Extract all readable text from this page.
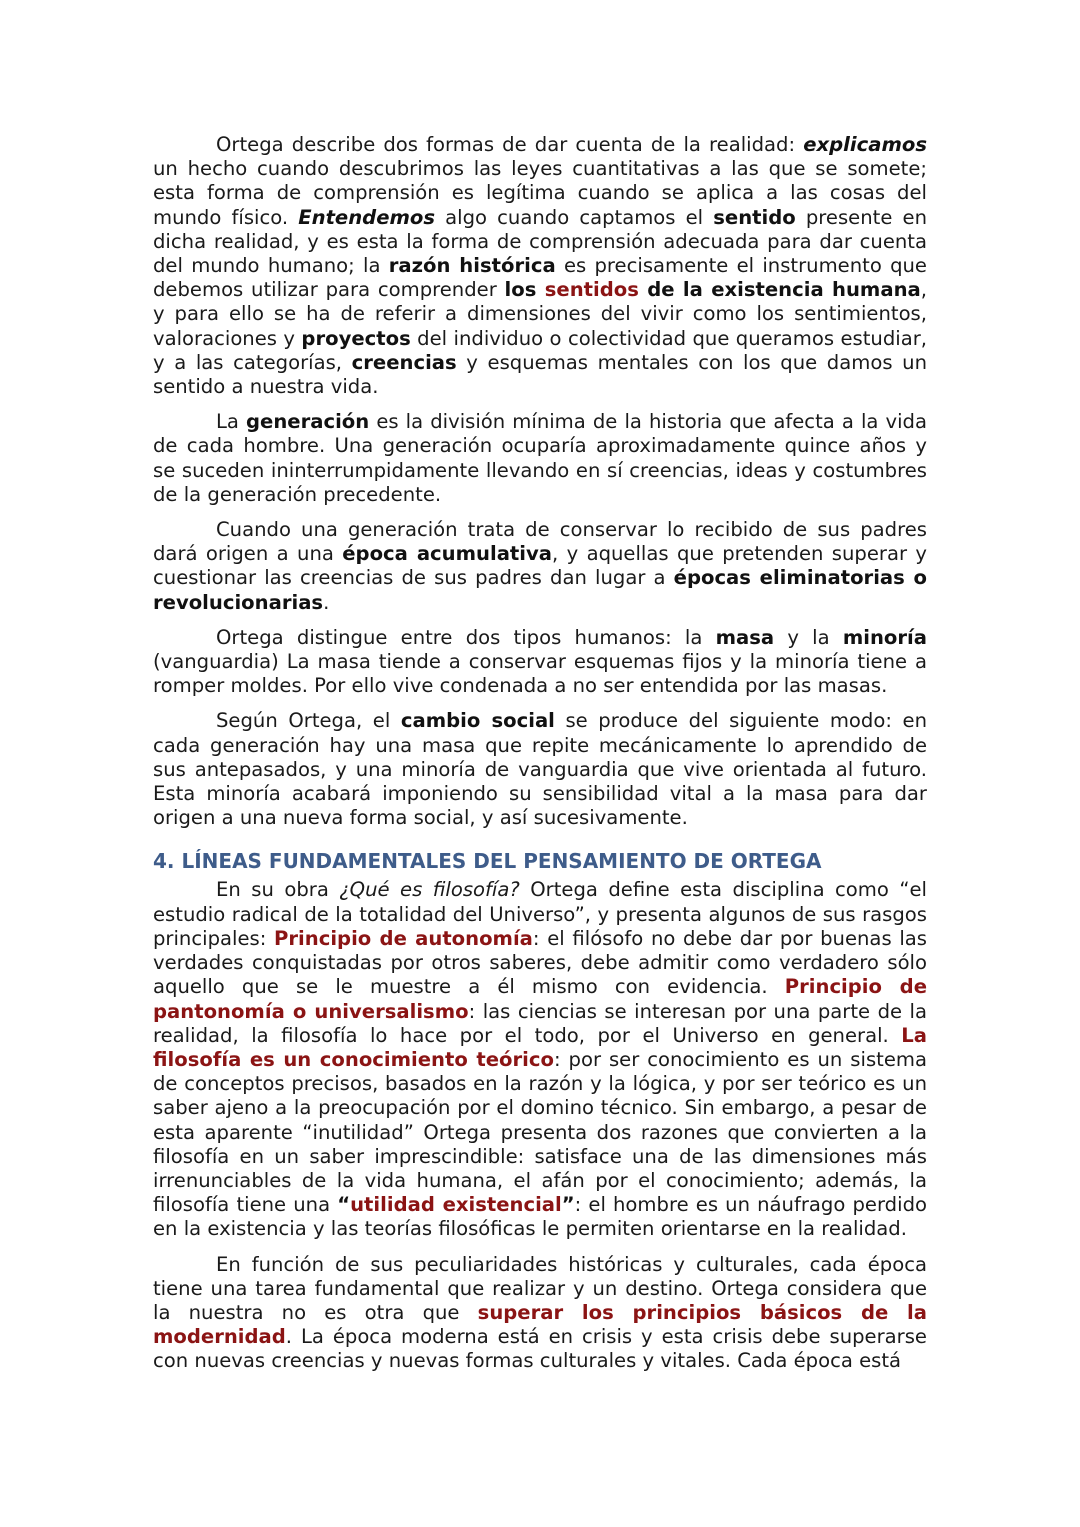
Ortega describe dos formas de dar cuenta de la realidad: explicamos un hecho cuando descubrimos las leyes cuantitativas a las que se somete; esta forma de comprensión es legítima cuando se aplica a las cosas del mundo físico. Entendemos algo cuando captamos el sentido presente en dicha realidad, y es esta la forma de comprensión adecuada para dar cuenta del mundo humano; la razón histórica es precisamente el instrumento que debemos utilizar para comprender los sentidos de la existencia humana, y para ello se ha de referir a dimensiones del vivir como los sentimientos, valoraciones y proyectos del individuo o colectividad que queramos estudiar, y a las categorías, creencias y esquemas mentales con los que damos un sentido a nuestra vida.

La generación es la división mínima de la historia que afecta a la vida de cada hombre. Una generación ocuparía aproximadamente quince años y se suceden ininterrumpidamente llevando en sí creencias, ideas y costumbres de la generación precedente.

Cuando una generación trata de conservar lo recibido de sus padres dará origen a una época acumulativa, y aquellas que pretenden superar y cuestionar las creencias de sus padres dan lugar a épocas eliminatorias o revolucionarias.

Ortega distingue entre dos tipos humanos: la masa y la minoría (vanguardia) La masa tiende a conservar esquemas fijos y la minoría tiene a romper moldes. Por ello vive condenada a no ser entendida por las masas.

Según Ortega, el cambio social se produce del siguiente modo: en cada generación hay una masa que repite mecánicamente lo aprendido de sus antepasados, y una minoría de vanguardia que vive orientada al futuro. Esta minoría acabará imponiendo su sensibilidad vital a la masa para dar origen a una nueva forma social, y así sucesivamente.

4. LÍNEAS FUNDAMENTALES DEL PENSAMIENTO DE ORTEGA

En su obra ¿Qué es filosofía? Ortega define esta disciplina como “el estudio radical de la totalidad del Universo”, y presenta algunos de sus rasgos principales: Principio de autonomía: el filósofo no debe dar por buenas las verdades conquistadas por otros saberes, debe admitir como verdadero sólo aquello que se le muestre a él mismo con evidencia. Principio de pantonomía o universalismo: las ciencias se interesan por una parte de la realidad, la filosofía lo hace por el todo, por el Universo en general. La filosofía es un conocimiento teórico: por ser conocimiento es un sistema de conceptos precisos, basados en la razón y la lógica, y por ser teórico es un saber ajeno a la preocupación por el domino técnico. Sin embargo, a pesar de esta aparente “inutilidad” Ortega presenta dos razones que convierten a la filosofía en un saber imprescindible: satisface una de las dimensiones más irrenunciables de la vida humana, el afán por el conocimiento; además, la filosofía tiene una “utilidad existencial”: el hombre es un náufrago perdido en la existencia y las teorías filosóficas le permiten orientarse en la realidad.

En función de sus peculiaridades históricas y culturales, cada época tiene una tarea fundamental que realizar y un destino. Ortega considera que la nuestra no es otra que superar los principios básicos de la modernidad. La época moderna está en crisis y esta crisis debe superarse con nuevas creencias y nuevas formas culturales y vitales. Cada época está
